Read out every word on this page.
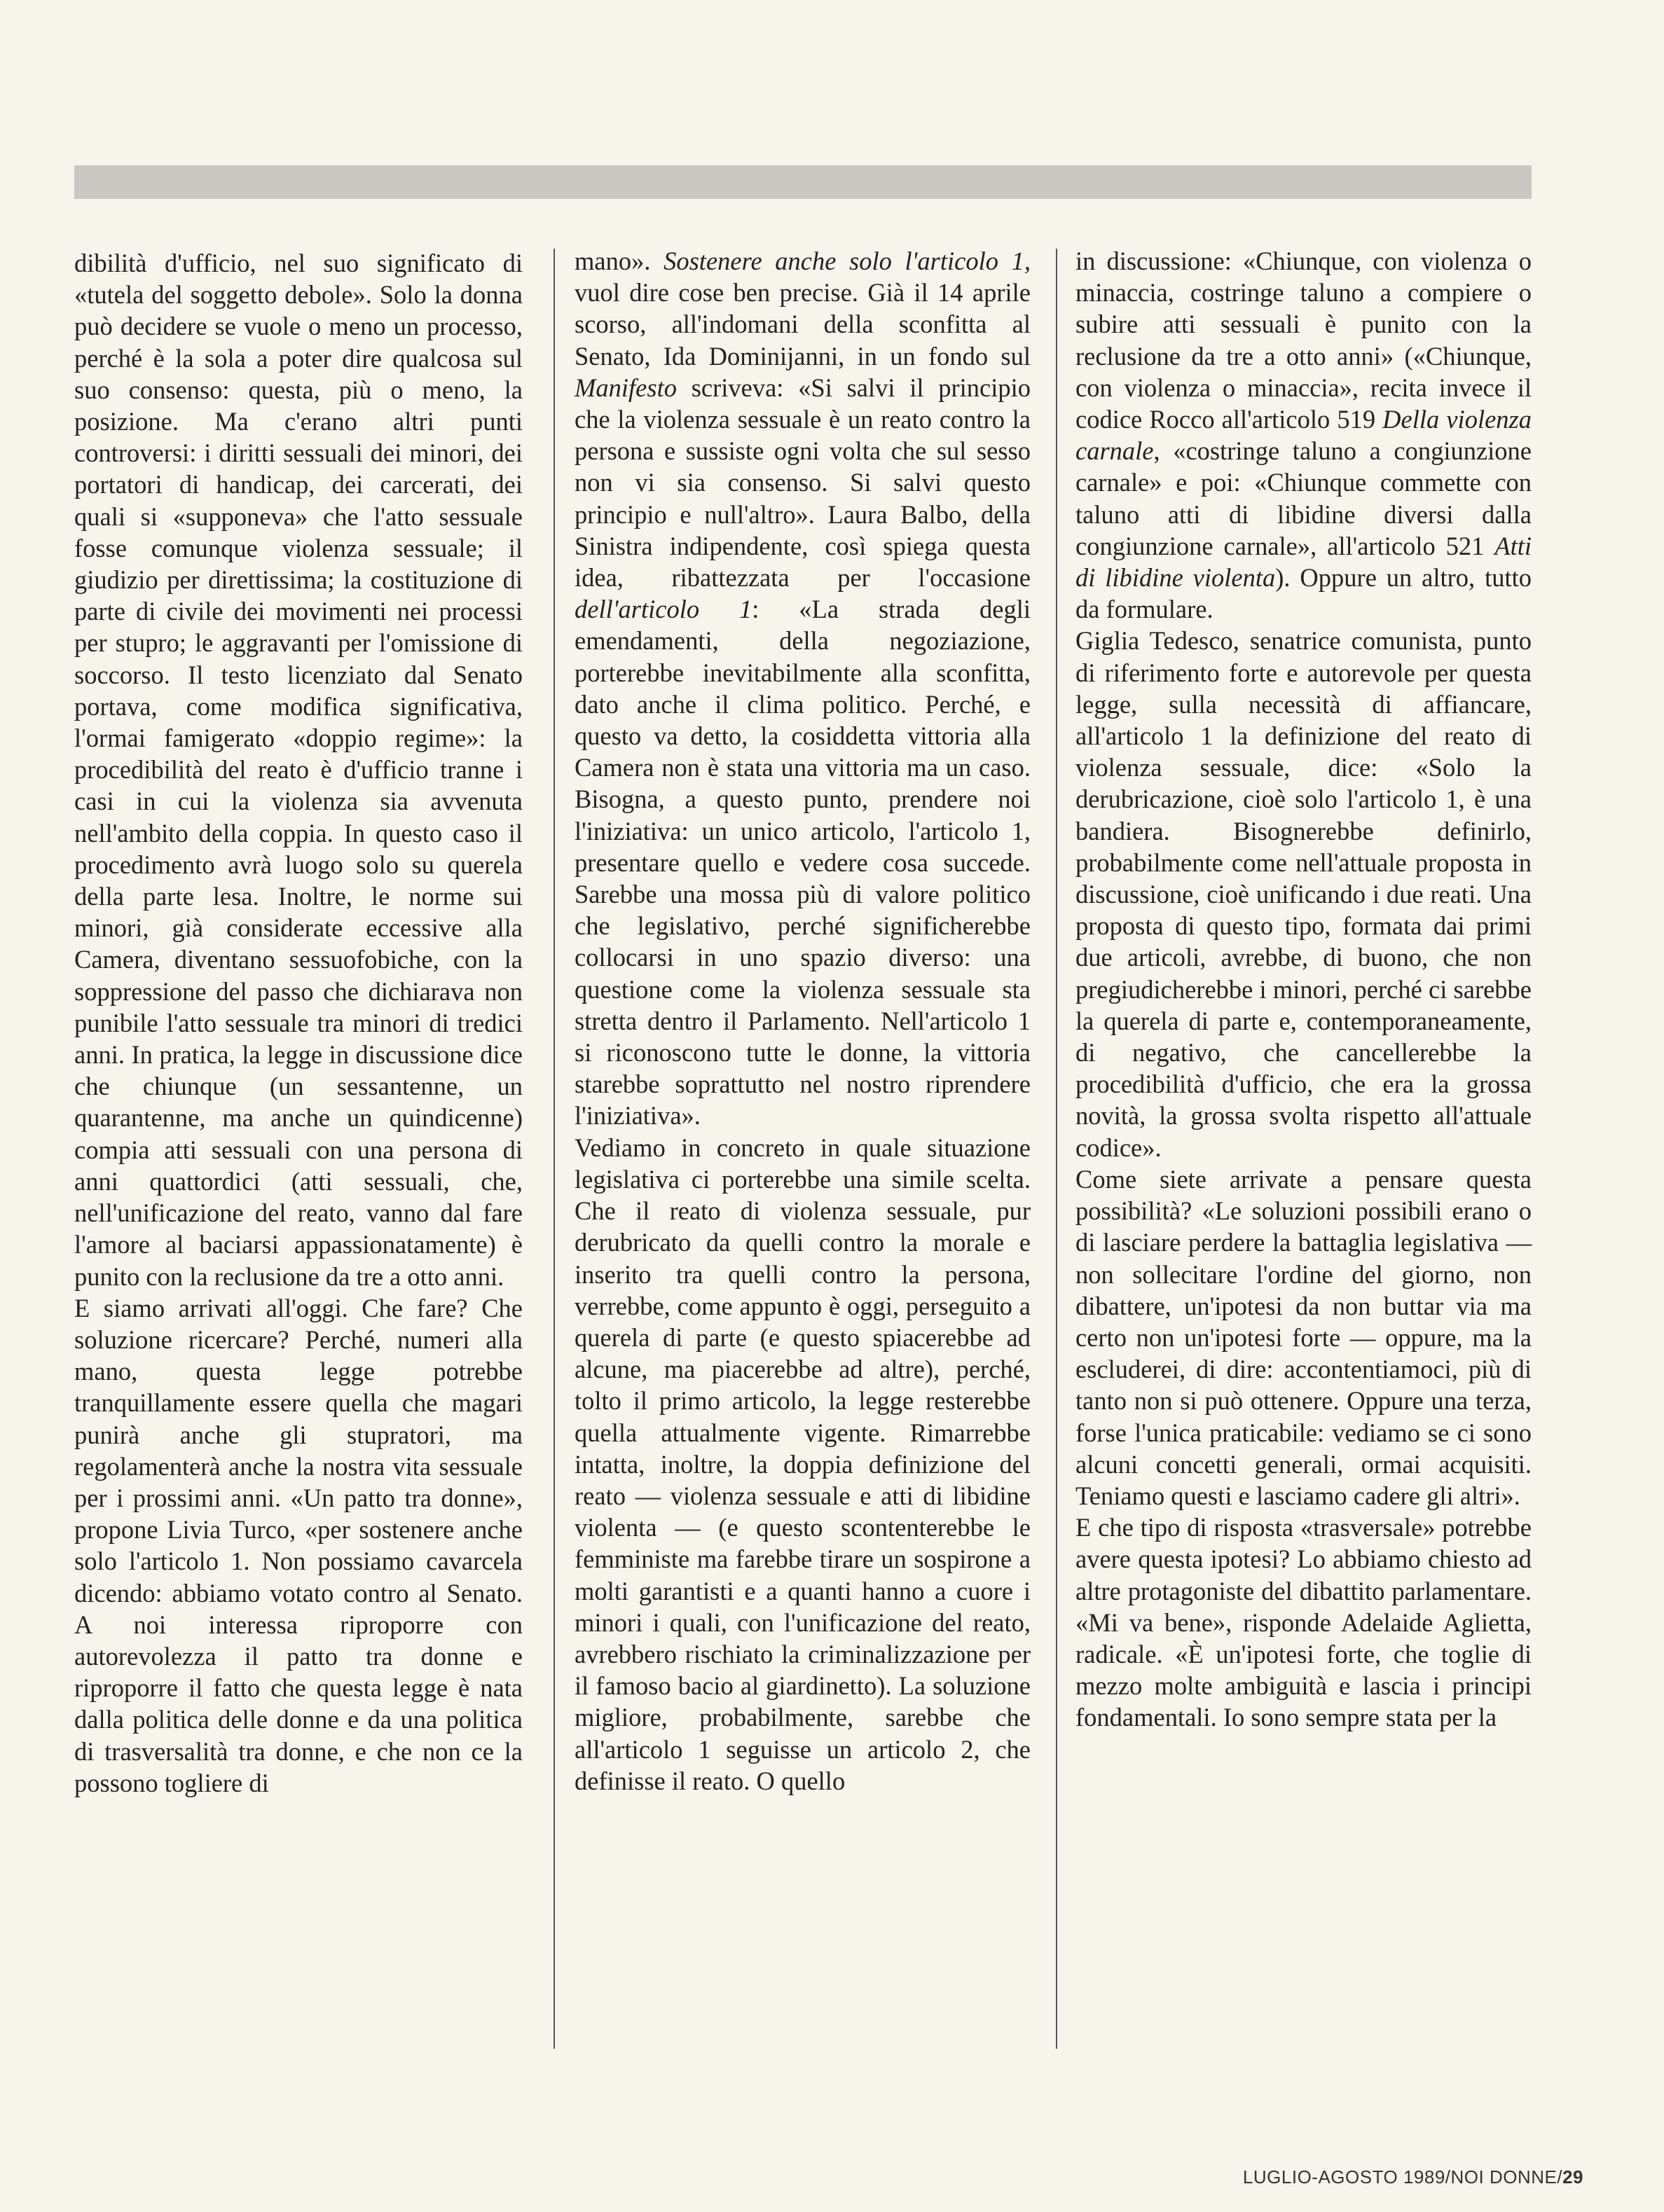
dibilità d'ufficio, nel suo significato di «tutela del soggetto debole». Solo la donna può decidere se vuole o meno un processo, perché è la sola a poter dire qualcosa sul suo consenso: questa, più o meno, la posizione. Ma c'erano altri punti controversi: i diritti sessuali dei minori, dei portatori di handicap, dei carcerati, dei quali si «supponeva» che l'atto sessuale fosse comunque violenza sessuale; il giudizio per direttissima; la costituzione di parte di civile dei movimenti nei processi per stupro; le aggravanti per l'omissione di soccorso. Il testo licenziato dal Senato portava, come modifica significativa, l'ormai famigerato «doppio regime»: la procedibilità del reato è d'ufficio tranne i casi in cui la violenza sia avvenuta nell'ambito della coppia. In questo caso il procedimento avrà luogo solo su querela della parte lesa. Inoltre, le norme sui minori, già considerate eccessive alla Camera, diventano sessuofobiche, con la soppressione del passo che dichiarava non punibile l'atto sessuale tra minori di tredici anni. In pratica, la legge in discussione dice che chiunque (un sessantenne, un quarantenne, ma anche un quindicenne) compia atti sessuali con una persona di anni quattordici (atti sessuali, che, nell'unificazione del reato, vanno dal fare l'amore al baciarsi appassionatamente) è punito con la reclusione da tre a otto anni.

E siamo arrivati all'oggi. Che fare? Che soluzione ricercare? Perché, numeri alla mano, questa legge potrebbe tranquillamente essere quella che magari punirà anche gli stupratori, ma regolamenterà anche la nostra vita sessuale per i prossimi anni. «Un patto tra donne», propone Livia Turco, «per sostenere anche solo l'articolo 1. Non possiamo cavarcela dicendo: abbiamo votato contro al Senato. A noi interessa riproporre con autorevolezza il patto tra donne e riproporre il fatto che questa legge è nata dalla politica delle donne e da una politica di trasversalità tra donne, e che non ce la possono togliere di

mano». Sostenere anche solo l'articolo 1, vuol dire cose ben precise. Già il 14 aprile scorso, all'indomani della sconfitta al Senato, Ida Dominijanni, in un fondo sul Manifesto scriveva: «Si salvi il principio che la violenza sessuale è un reato contro la persona e sussiste ogni volta che sul sesso non vi sia consenso. Si salvi questo principio e null'altro». Laura Balbo, della Sinistra indipendente, così spiega questa idea, ribattezzata per l'occasione dell'articolo 1: «La strada degli emendamenti, della negoziazione, porterebbe inevitabilmente alla sconfitta, dato anche il clima politico. Perché, e questo va detto, la cosiddetta vittoria alla Camera non è stata una vittoria ma un caso. Bisogna, a questo punto, prendere noi l'iniziativa: un unico articolo, l'articolo 1, presentare quello e vedere cosa succede. Sarebbe una mossa più di valore politico che legislativo, perché significherebbe collocarsi in uno spazio diverso: una questione come la violenza sessuale sta stretta dentro il Parlamento. Nell'articolo 1 si riconoscono tutte le donne, la vittoria starebbe soprattutto nel nostro riprendere l'iniziativa».

Vediamo in concreto in quale situazione legislativa ci porterebbe una simile scelta. Che il reato di violenza sessuale, pur derubricato da quelli contro la morale e inserito tra quelli contro la persona, verrebbe, come appunto è oggi, perseguito a querela di parte (e questo spiacerebbe ad alcune, ma piacerebbe ad altre), perché, tolto il primo articolo, la legge resterebbe quella attualmente vigente. Rimarrebbe intatta, inoltre, la doppia definizione del reato — violenza sessuale e atti di libidine violenta — (e questo scontenterebbe le femministe ma farebbe tirare un sospirone a molti garantisti e a quanti hanno a cuore i minori i quali, con l'unificazione del reato, avrebbero rischiato la criminalizzazione per il famoso bacio al giardinetto). La soluzione migliore, probabilmente, sarebbe che all'articolo 1 seguisse un articolo 2, che definisse il reato. O quello

in discussione: «Chiunque, con violenza o minaccia, costringe taluno a compiere o subire atti sessuali è punito con la reclusione da tre a otto anni» («Chiunque, con violenza o minaccia», recita invece il codice Rocco all'articolo 519 Della violenza carnale, «costringe taluno a congiunzione carnale» e poi: «Chiunque commette con taluno atti di libidine diversi dalla congiunzione carnale», all'articolo 521 Atti di libidine violenta). Oppure un altro, tutto da formulare.

Giglia Tedesco, senatrice comunista, punto di riferimento forte e autorevole per questa legge, sulla necessità di affiancare, all'articolo 1 la definizione del reato di violenza sessuale, dice: «Solo la derubricazione, cioè solo l'articolo 1, è una bandiera. Bisognerebbe definirlo, probabilmente come nell'attuale proposta in discussione, cioè unificando i due reati. Una proposta di questo tipo, formata dai primi due articoli, avrebbe, di buono, che non pregiudicherebbe i minori, perché ci sarebbe la querela di parte e, contemporaneamente, di negativo, che cancellerebbe la procedibilità d'ufficio, che era la grossa novità, la grossa svolta rispetto all'attuale codice».

Come siete arrivate a pensare questa possibilità? «Le soluzioni possibili erano o di lasciare perdere la battaglia legislativa — non sollecitare l'ordine del giorno, non dibattere, un'ipotesi da non buttar via ma certo non un'ipotesi forte — oppure, ma la escluderei, di dire: accontentiamoci, più di tanto non si può ottenere. Oppure una terza, forse l'unica praticabile: vediamo se ci sono alcuni concetti generali, ormai acquisiti. Teniamo questi e lasciamo cadere gli altri».

E che tipo di risposta «trasversale» potrebbe avere questa ipotesi? Lo abbiamo chiesto ad altre protagoniste del dibattito parlamentare. «Mi va bene», risponde Adelaide Aglietta, radicale. «È un'ipotesi forte, che toglie di mezzo molte ambiguità e lascia i principi fondamentali. Io sono sempre stata per la

LUGLIO-AGOSTO 1989/NOI DONNE/29
